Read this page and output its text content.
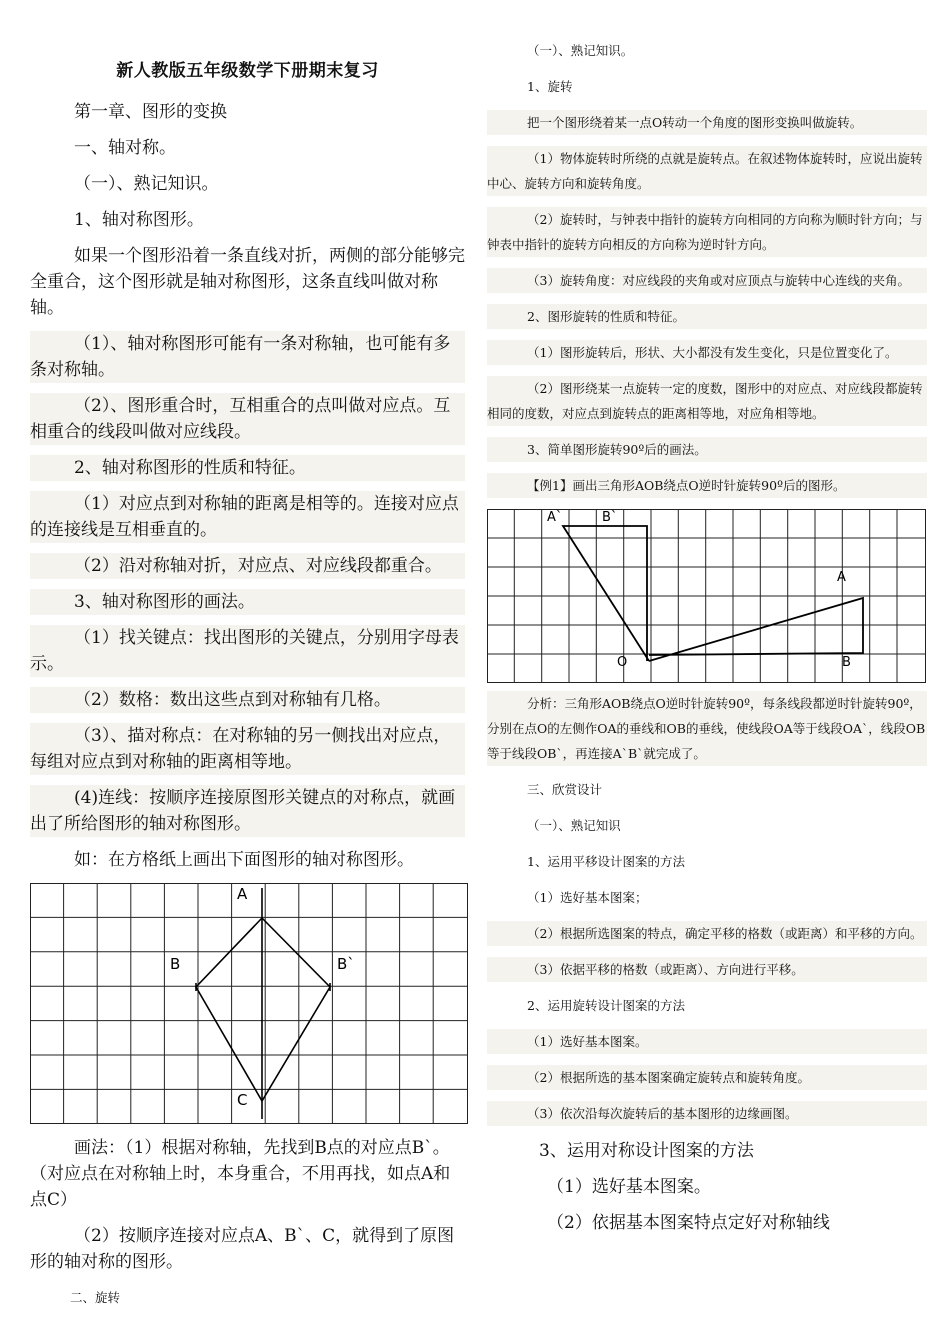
新人教版五年级数学下册期末复习

第一章、图形的变换

一、轴对称。

（一）、熟记知识。

1、轴对称图形。

如果一个图形沿着一条直线对折，两侧的部分能够完全重合，这个图形就是轴对称图形，这条直线叫做对称轴。

（1）、轴对称图形可能有一条对称轴，也可能有多条对称轴。

（2）、图形重合时，互相重合的点叫做对应点。互相重合的线段叫做对应线段。

2、轴对称图形的性质和特征。

（1）对应点到对称轴的距离是相等的。连接对应点的连接线是互相垂直的。

（2）沿对称轴对折，对应点、对应线段都重合。

3、轴对称图形的画法。

（1）找关键点：找出图形的关键点，分别用字母表示。

（2）数格：数出这些点到对称轴有几格。

（3）、描对称点：在对称轴的另一侧找出对应点，每组对应点到对称轴的距离相等地。

(4)连线：按顺序连接原图形关键点的对称点，就画出了所给图形的轴对称图形。

如：在方格纸上画出下面图形的轴对称图形。

A
B	B`
C

画法：（1）根据对称轴，先找到B点的对应点B`。（对应点在对称轴上时，本身重合，不用再找，如点A和点C）

（2）按顺序连接对应点A、B`、C，就得到了原图形的轴对称的图形。

二、旋转

（一）、熟记知识。

1、旋转

把一个图形绕着某一点O转动一个角度的图形变换叫做旋转。

（1）物体旋转时所绕的点就是旋转点。在叙述物体旋转时，应说出旋转中心、旋转方向和旋转角度。

（2）旋转时，与钟表中指针的旋转方向相同的方向称为顺时针方向；与钟表中指针的旋转方向相反的方向称为逆时针方向。

（3）旋转角度：对应线段的夹角或对应顶点与旋转中心连线的夹角。

2、图形旋转的性质和特征。

（1）图形旋转后，形状、大小都没有发生变化，只是位置变化了。

（2）图形绕某一点旋转一定的度数，图形中的对应点、对应线段都旋转相同的度数，对应点到旋转点的距离相等地，对应角相等地。

3、简单图形旋转90º后的画法。

【例1】画出三角形AOB绕点O逆时针旋转90º后的图形。

A`	B`
A
O	B

分析：三角形AOB绕点O逆时针旋转90º，每条线段都逆时针旋转90º，分别在点O的左侧作OA的垂线和OB的垂线，使线段OA等于线段OA`，线段OB等于线段OB`，再连接A`B`就完成了。

三、欣赏设计

（一）、熟记知识

1、运用平移设计图案的方法

（1）选好基本图案；

（2）根据所选图案的特点，确定平移的格数（或距离）和平移的方向。

（3）依据平移的格数（或距离）、方向进行平移。

2、运用旋转设计图案的方法

（1）选好基本图案。

（2）根据所选的基本图案确定旋转点和旋转角度。

（3）依次沿每次旋转后的基本图形的边缘画图。

3、运用对称设计图案的方法

（1）选好基本图案。

（2）依据基本图案特点定好对称轴线
